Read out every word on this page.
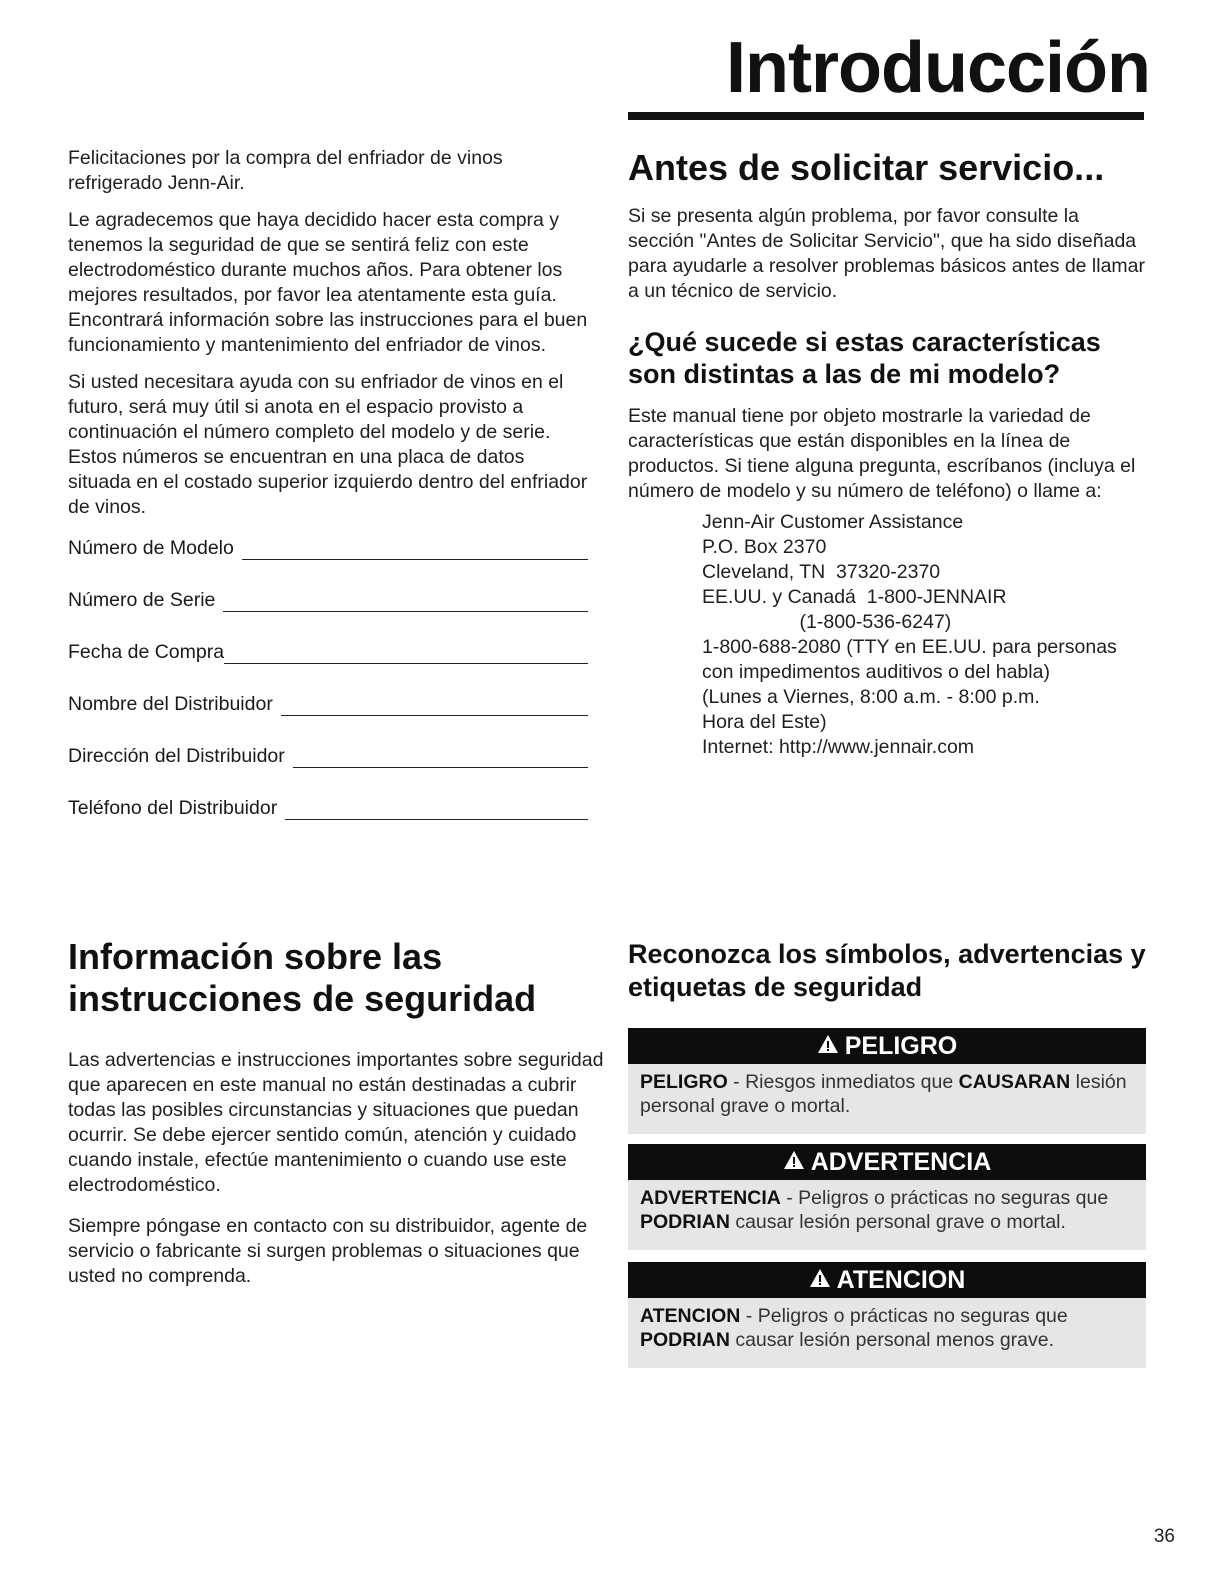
Introducción

Felicitaciones por la compra del enfriador de vinos refrigerado Jenn-Air.

Le agradecemos que haya decidido hacer esta compra y tenemos la seguridad de que se sentirá feliz con este electrodoméstico durante muchos años. Para obtener los mejores resultados, por favor lea atentamente esta guía. Encontrará información sobre las instrucciones para el buen funcionamiento y mantenimiento del enfriador de vinos.

Si usted necesitara ayuda con su enfriador de vinos en el futuro, será muy útil si anota en el espacio provisto a continuación el número completo del modelo y de serie. Estos números se encuentran en una placa de datos situada en el costado superior izquierdo dentro del enfriador de vinos.

Número de Modelo
Número de Serie
Fecha de Compra
Nombre del Distribuidor
Dirección del Distribuidor
Teléfono del Distribuidor
Antes de solicitar servicio...

Si se presenta algún problema, por favor consulte la sección "Antes de Solicitar Servicio", que ha sido diseñada para ayudarle a resolver problemas básicos antes de llamar a un técnico de servicio.

¿Qué sucede si estas características son distintas a las de mi modelo?

Este manual tiene por objeto mostrarle la variedad de características que están disponibles en la línea de productos. Si tiene alguna pregunta, escríbanos (incluya el número de modelo y su número de teléfono) o llame a:

Jenn-Air Customer Assistance
P.O. Box 2370
Cleveland, TN  37320-2370
EE.UU. y Canadá  1-800-JENNAIR
(1-800-536-6247)
1-800-688-2080 (TTY en EE.UU. para personas
con impedimentos auditivos o del habla)
(Lunes a Viernes, 8:00 a.m. - 8:00 p.m.
Hora del Este)
Internet: http://www.jennair.com
Información sobre las instrucciones de seguridad

Las advertencias e instrucciones importantes sobre seguridad que aparecen en este manual no están destinadas a cubrir todas las posibles circunstancias y situaciones que puedan ocurrir. Se debe ejercer sentido común, atención y cuidado cuando instale, efectúe mantenimiento o cuando use este electrodoméstico.

Siempre póngase en contacto con su distribuidor, agente de servicio o fabricante si surgen problemas o situaciones que usted no comprenda.

Reconozca los símbolos, advertencias y etiquetas de seguridad
PELIGRO
PELIGRO - Riesgos inmediatos que CAUSARAN lesión personal grave o mortal.
ADVERTENCIA
ADVERTENCIA - Peligros o prácticas no seguras que PODRIAN causar lesión personal grave o mortal.
ATENCION
ATENCION - Peligros o prácticas no seguras que PODRIAN causar lesión personal menos grave.
36
